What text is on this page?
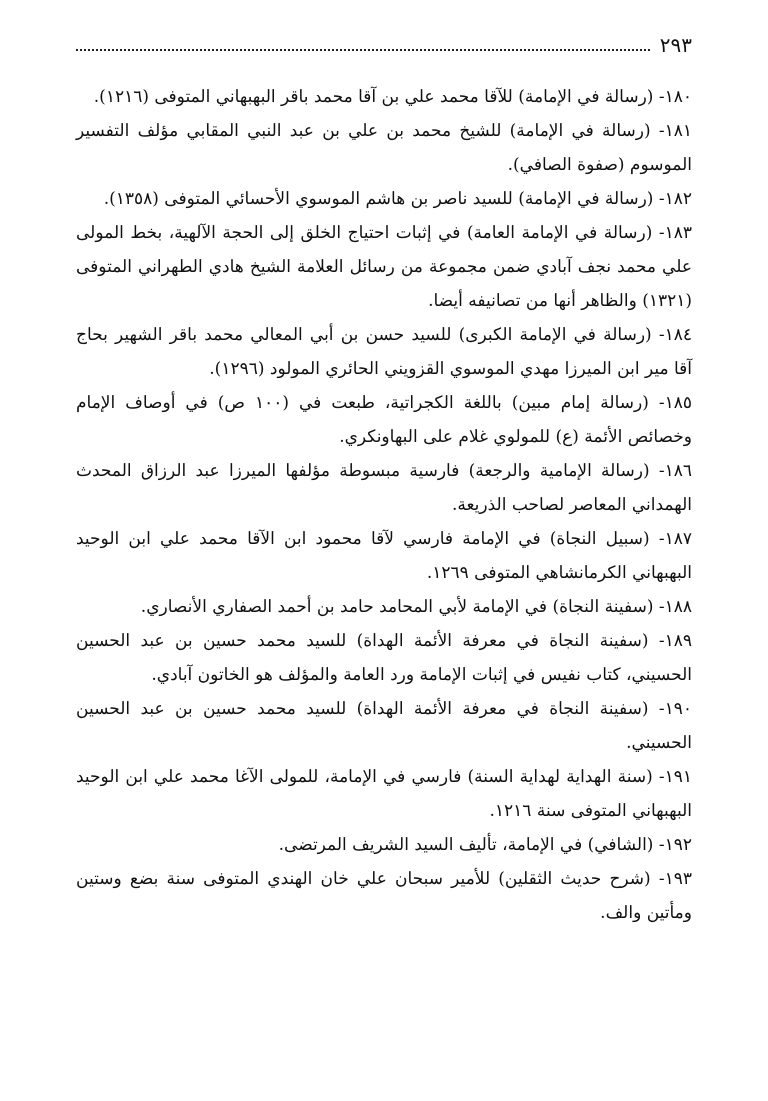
٢٩٣

١٨٠- (رسالة في الإمامة) للآقا محمد علي بن آقا محمد باقر البهبهاني المتوفى (١٢١٦).

١٨١- (رسالة في الإمامة) للشيخ محمد بن علي بن عبد النبي المقابي مؤلف التفسير الموسوم (صفوة الصافي).

١٨٢- (رسالة في الإمامة) للسيد ناصر بن هاشم الموسوي الأحسائي المتوفى (١٣٥٨).

١٨٣- (رسالة في الإمامة العامة) في إثبات احتياج الخلق إلى الحجة الآلهية، بخط المولى علي محمد نجف آبادي ضمن مجموعة من رسائل العلامة الشيخ هادي الطهراني المتوفى (١٣٢١) والظاهر أنها من تصانيفه أيضا.

١٨٤- (رسالة في الإمامة الكبرى) للسيد حسن بن أبي المعالي محمد باقر الشهير بحاج آقا مير ابن الميرزا مهدي الموسوي القزويني الحائري المولود (١٢٩٦).

١٨٥- (رسالة إمام مبين) باللغة الكجراتية، طبعت في (١٠٠ ص) في أوصاف الإمام وخصائص الأئمة (ع) للمولوي غلام على البهاونكري.

١٨٦- (رسالة الإمامية والرجعة) فارسية مبسوطة مؤلفها الميرزا عبد الرزاق المحدث الهمداني المعاصر لصاحب الذريعة.

١٨٧- (سبيل النجاة) في الإمامة فارسي لآقا محمود ابن الآقا محمد علي ابن الوحيد البهبهاني الكرمانشاهي المتوفى ١٢٦٩.

١٨٨- (سفينة النجاة) في الإمامة لأبي المحامد حامد بن أحمد الصفاري الأنصاري.

١٨٩- (سفينة النجاة في معرفة الأئمة الهداة) للسيد محمد حسين بن عبد الحسين الحسيني، كتاب نفيس في إثبات الإمامة ورد العامة والمؤلف هو الخاتون آبادي.

١٩٠- (سفينة النجاة في معرفة الأئمة الهداة) للسيد محمد حسين بن عبد الحسين الحسيني.

١٩١- (سنة الهداية لهداية السنة) فارسي في الإمامة، للمولى الآغا محمد علي ابن الوحيد البهبهاني المتوفى سنة ١٢١٦.

١٩٢- (الشافي) في الإمامة، تأليف السيد الشريف المرتضى.

١٩٣- (شرح حديث الثقلين) للأمير سبحان علي خان الهندي المتوفى سنة بضع وستين ومأتين والف.
